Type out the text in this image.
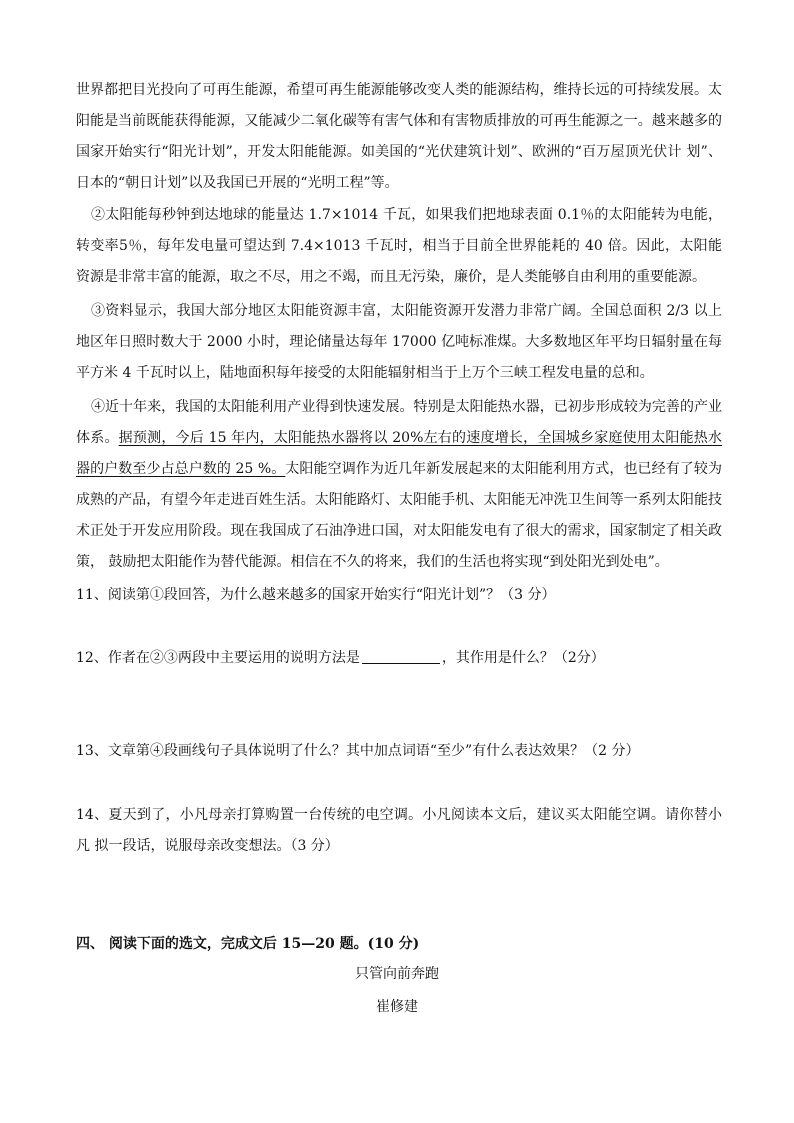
世界都把目光投向了可再生能源，希望可再生能源能够改变人类的能源结构，维持长远的可持续发展。太 阳能是当前既能获得能源，又能减少二氧化碳等有害气体和有害物质排放的可再生能源之一。越来越多的 国家开始实行“阳光计划”，开发太阳能能源。如美国的“光伏建筑计划”、欧洲的“百万屋顶光伏计 划”、日本的“朝日计划”以及我国已开展的“光明工程”等。
②太阳能每秒钟到达地球的能量达 1.7×1014 千瓦，如果我们把地球表面 0.1％的太阳能转为电能，转变率5％，每年发电量可望达到 7.4×1013 千瓦时，相当于目前全世界能耗的 40 倍。因此，太阳能资源是非常丰富的能源，取之不尽，用之不竭，而且无污染，廉价，是人类能够自由利用的重要能源。
③资料显示，我国大部分地区太阳能资源丰富，太阳能资源开发潜力非常广阔。全国总面积 2/3 以上地区年日照时数大于 2000 小时，理论储量达每年 17000 亿吨标准煤。大多数地区年平均日辐射量在每平方米 4 千瓦时以上，陆地面积每年接受的太阳能辐射相当于上万个三峡工程发电量的总和。
④近十年来，我国的太阳能利用产业得到快速发展。特别是太阳能热水器，已初步形成较为完善的产业体系。据预测，今后 15 年内，太阳能热水器将以 20%左右的速度增长，全国城乡家庭使用太阳能热水器的户数至少占总户数的 25 %。太阳能空调作为近几年新发展起来的太阳能利用方式，也已经有了较为成熟的产品，有望今年走进百姓生活。太阳能路灯、太阳能手机、太阳能无冲洗卫生间等一系列太阳能技术正处于开发应用阶段。现在我国成了石油净进口国，对太阳能发电有了很大的需求，国家制定了相关政策， 鼓励把太阳能作为替代能源。相信在不久的将来，我们的生活也将实现“到处阳光到处电”。
11、阅读第①段回答，为什么越来越多的国家开始实行“阳光计划”？（3 分）
12、作者在②③两段中主要运用的说明方法是	，其作用是什么？（2分）
13、文章第④段画线句子具体说明了什么？其中加点词语“至少”有什么表达效果？（2 分）
14、夏天到了，小凡母亲打算购置一台传统的电空调。小凡阅读本文后，建议买太阳能空调。请你替小凡 拟一段话，说服母亲改变想法。（3 分）
四、 阅读下面的选文，完成文后 15—20 题。(10 分)
只管向前奔跑
崔修建
